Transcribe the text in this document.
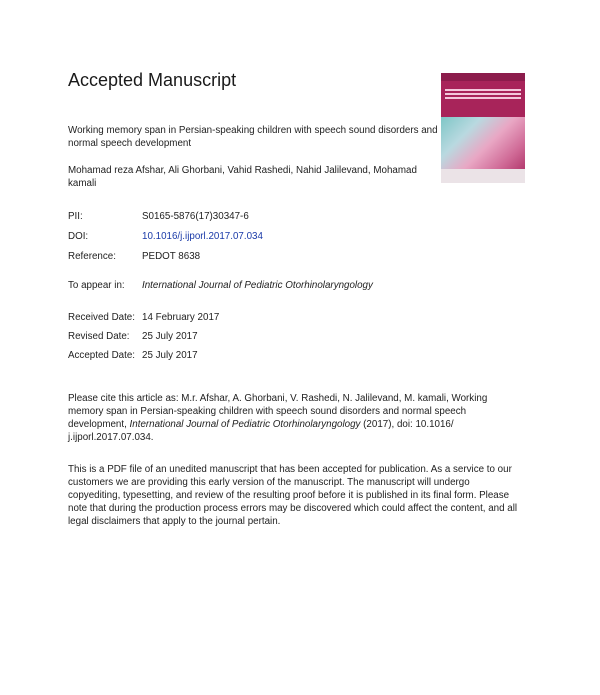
Accepted Manuscript
Working memory span in Persian-speaking children with speech sound disorders and normal speech development
Mohamad reza Afshar, Ali Ghorbani, Vahid Rashedi, Nahid Jalilevand, Mohamad kamali
PII:	S0165-5876(17)30347-6
DOI:	10.1016/j.ijporl.2017.07.034
Reference:	PEDOT 8638
To appear in: International Journal of Pediatric Otorhinolaryngology
Received Date: 14 February 2017
Revised Date: 25 July 2017
Accepted Date: 25 July 2017
Please cite this article as: M.r. Afshar, A. Ghorbani, V. Rashedi, N. Jalilevand, M. kamali, Working memory span in Persian-speaking children with speech sound disorders and normal speech development, International Journal of Pediatric Otorhinolaryngology (2017), doi: 10.1016/ j.ijporl.2017.07.034.
This is a PDF file of an unedited manuscript that has been accepted for publication. As a service to our customers we are providing this early version of the manuscript. The manuscript will undergo copyediting, typesetting, and review of the resulting proof before it is published in its final form. Please note that during the production process errors may be discovered which could affect the content, and all legal disclaimers that apply to the journal pertain.
